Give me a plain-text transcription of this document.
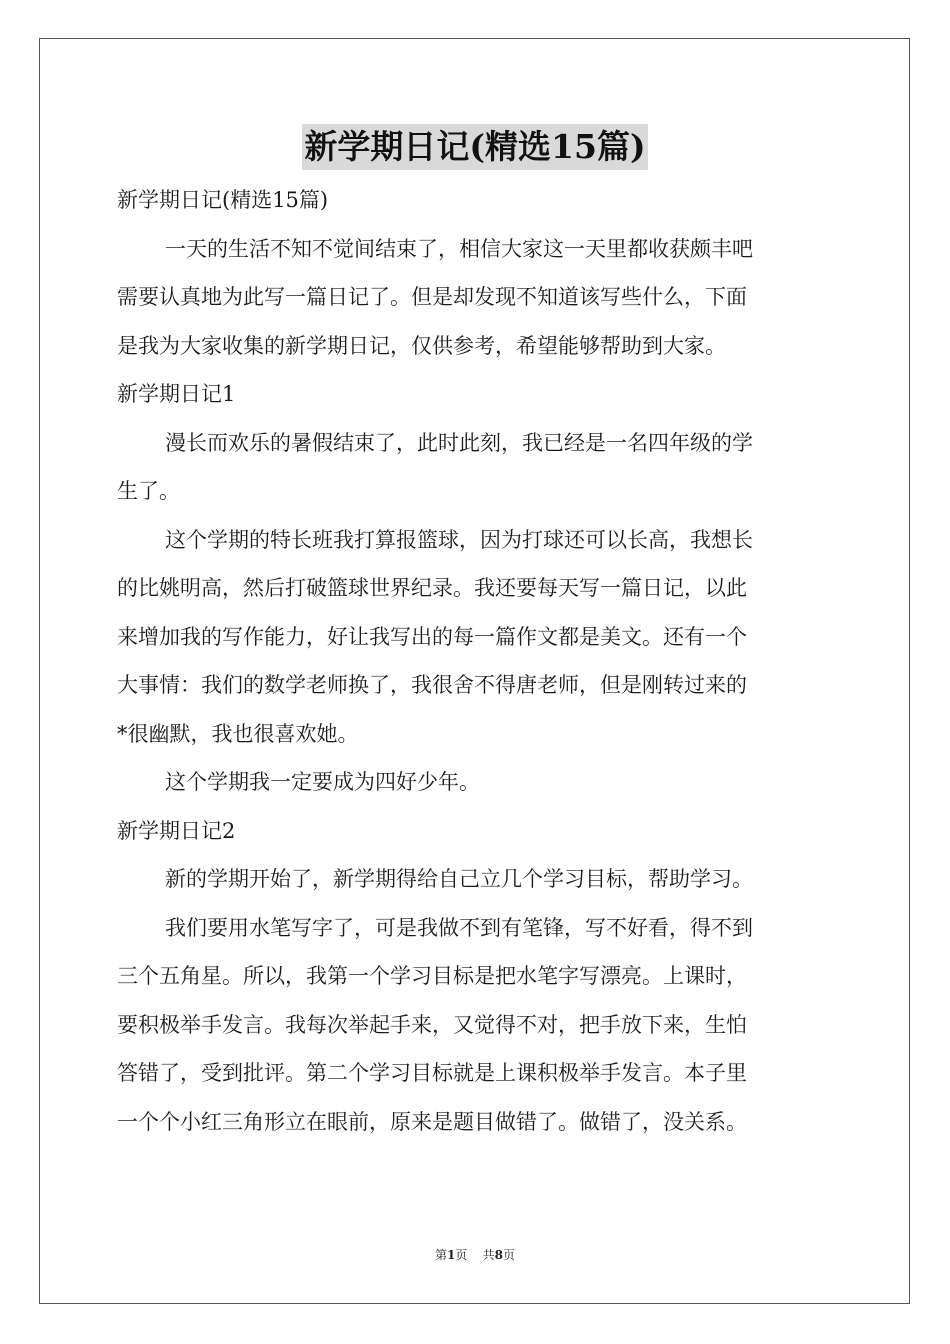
新学期日记(精选15篇)
新学期日记(精选15篇)
一天的生活不知不觉间结束了，相信大家这一天里都收获颇丰吧
需要认真地为此写一篇日记了。但是却发现不知道该写些什么，下面
是我为大家收集的新学期日记，仅供参考，希望能够帮助到大家。
新学期日记1
漫长而欢乐的暑假结束了，此时此刻，我已经是一名四年级的学
生了。
这个学期的特长班我打算报篮球，因为打球还可以长高，我想长
的比姚明高，然后打破篮球世界纪录。我还要每天写一篇日记，以此
来增加我的写作能力，好让我写出的每一篇作文都是美文。还有一个
大事情：我们的数学老师换了，我很舍不得唐老师，但是刚转过来的
*很幽默，我也很喜欢她。
这个学期我一定要成为四好少年。
新学期日记2
新的学期开始了，新学期得给自己立几个学习目标，帮助学习。
我们要用水笔写字了，可是我做不到有笔锋，写不好看，得不到
三个五角星。所以，我第一个学习目标是把水笔字写漂亮。上课时，
要积极举手发言。我每次举起手来，又觉得不对，把手放下来，生怕
答错了，受到批评。第二个学习目标就是上课积极举手发言。本子里
一个个小红三角形立在眼前，原来是题目做错了。做错了，没关系。
第1页 共8页
